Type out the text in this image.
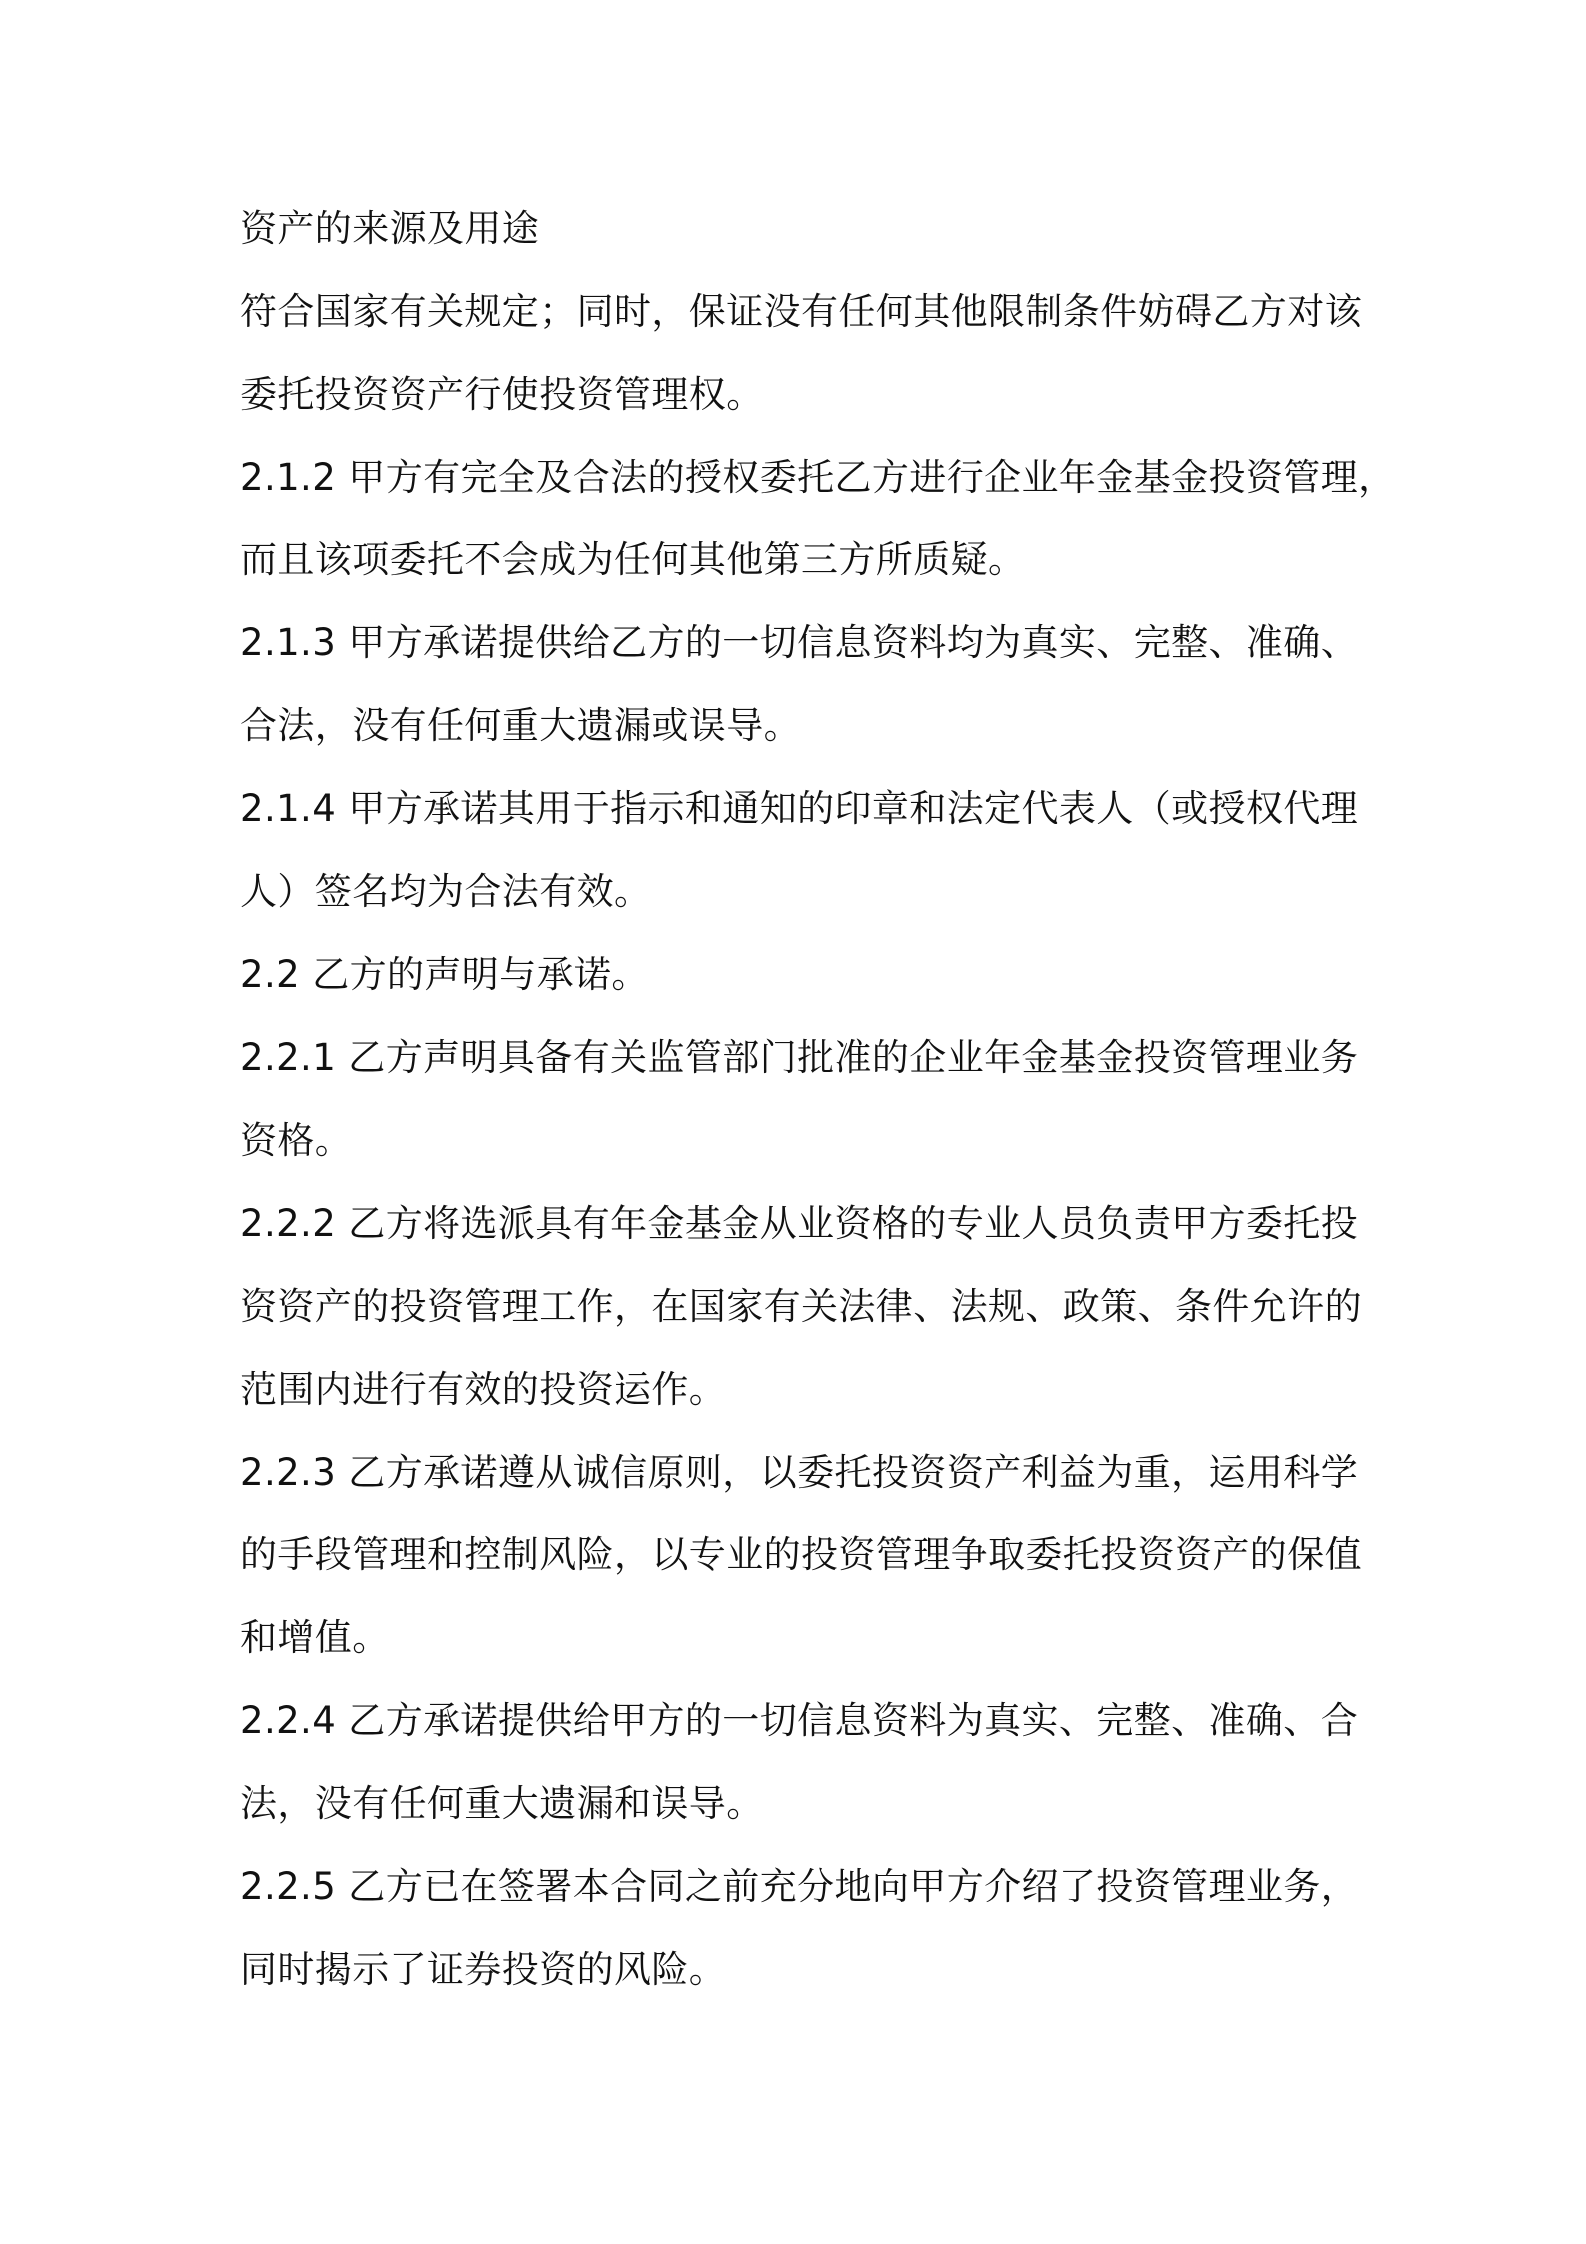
资产的来源及用途
符合国家有关规定；同时，保证没有任何其他限制条件妨碍乙方对该
委托投资资产行使投资管理权。
2.1.2 甲方有完全及合法的授权委托乙方进行企业年金基金投资管理，
而且该项委托不会成为任何其他第三方所质疑。
2.1.3 甲方承诺提供给乙方的一切信息资料均为真实、完整、准确、
合法，没有任何重大遗漏或误导。
2.1.4 甲方承诺其用于指示和通知的印章和法定代表人（或授权代理
人）签名均为合法有效。
2.2 乙方的声明与承诺。
2.2.1 乙方声明具备有关监管部门批准的企业年金基金投资管理业务
资格。
2.2.2 乙方将选派具有年金基金从业资格的专业人员负责甲方委托投
资资产的投资管理工作，在国家有关法律、法规、政策、条件允许的
范围内进行有效的投资运作。
2.2.3 乙方承诺遵从诚信原则，以委托投资资产利益为重，运用科学
的手段管理和控制风险，以专业的投资管理争取委托投资资产的保值
和增值。
2.2.4 乙方承诺提供给甲方的一切信息资料为真实、完整、准确、合
法，没有任何重大遗漏和误导。
2.2.5 乙方已在签署本合同之前充分地向甲方介绍了投资管理业务，
同时揭示了证券投资的风险。
